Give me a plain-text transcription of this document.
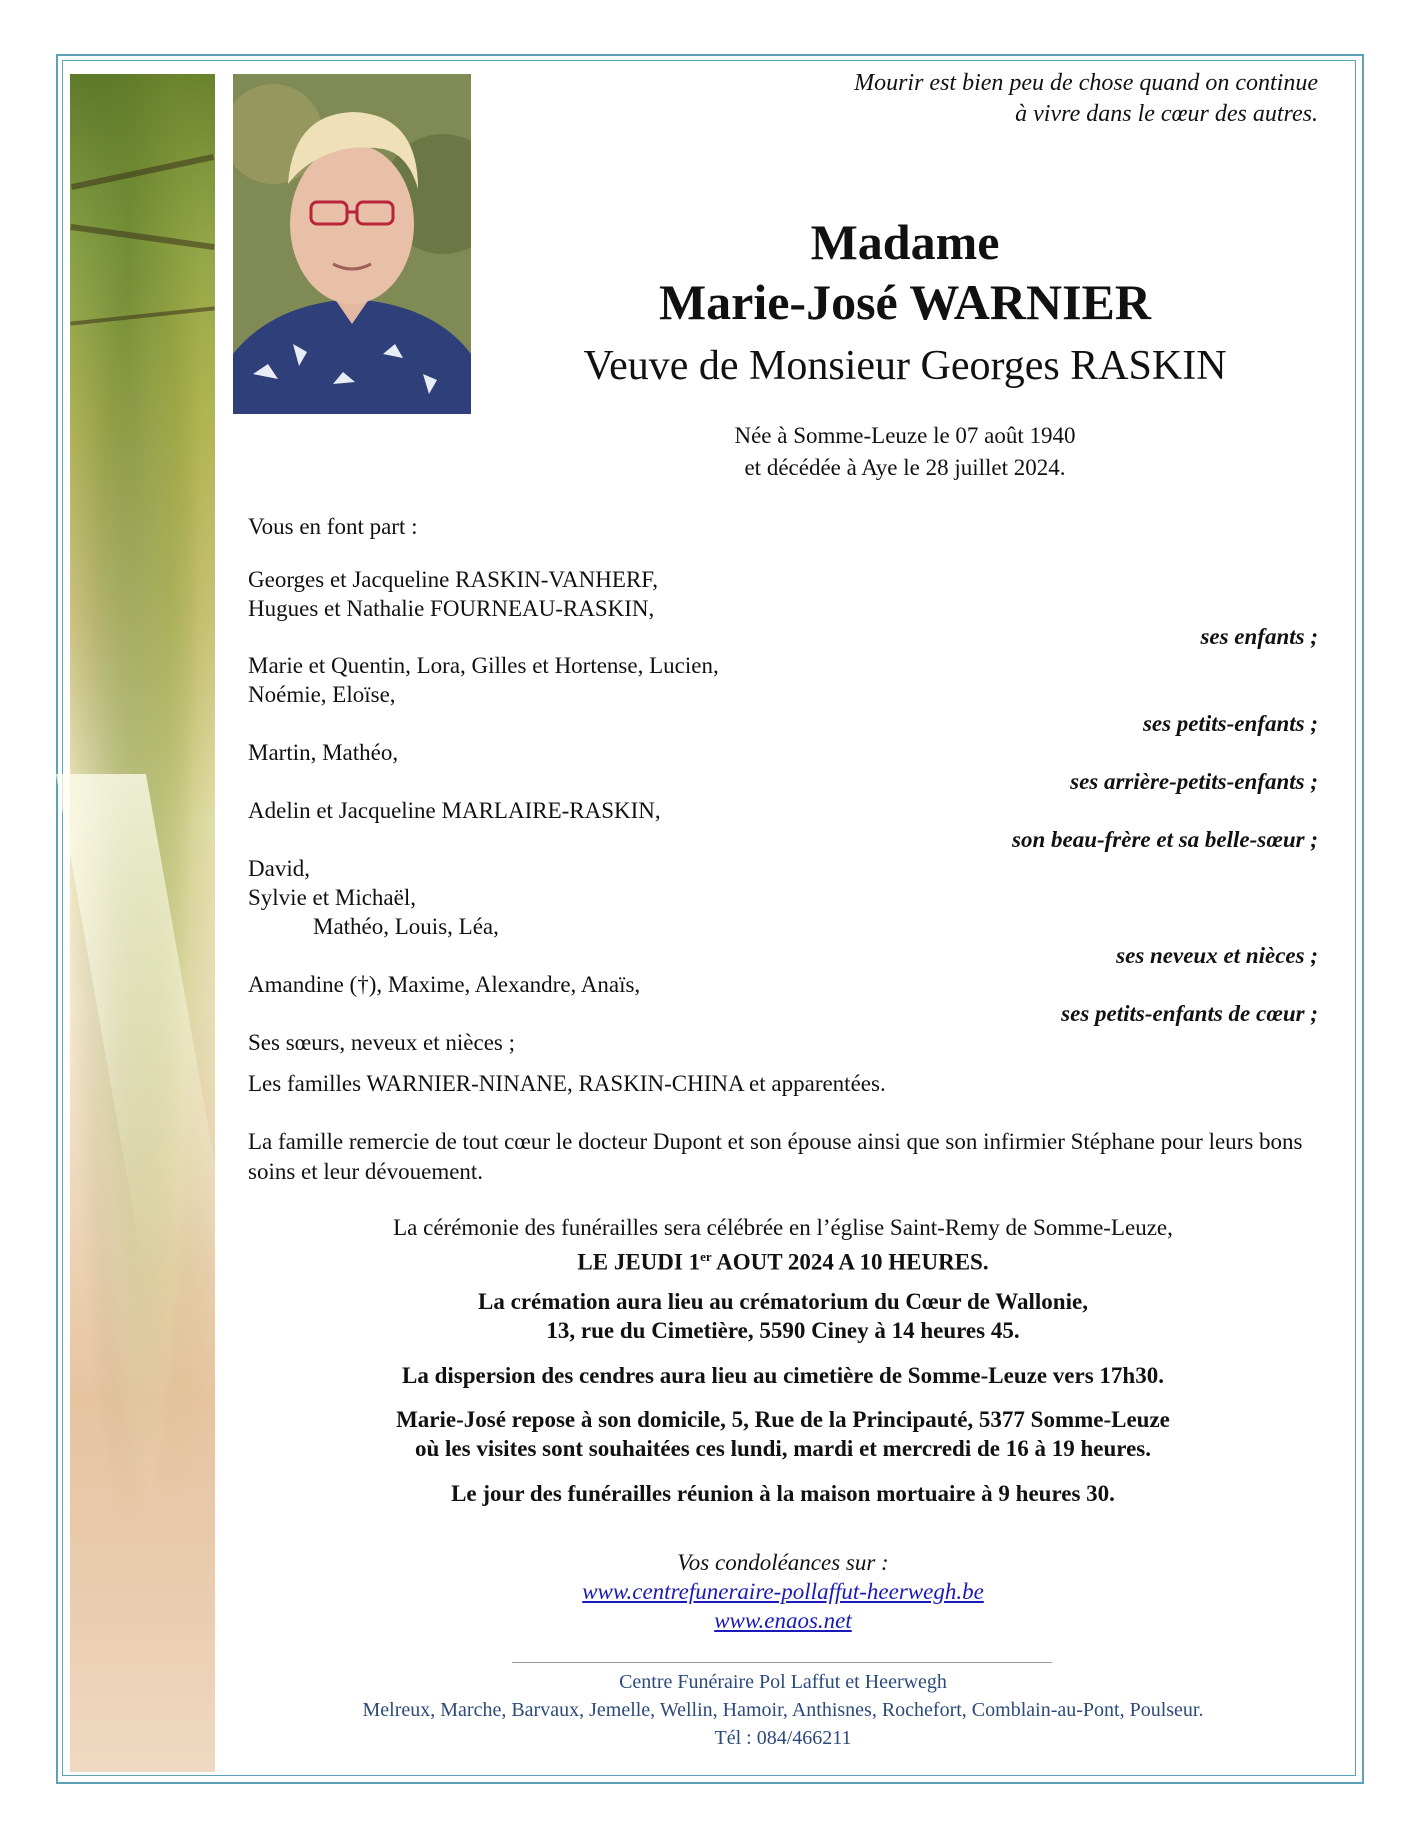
Mourir est bien peu de chose quand on continue
à vivre dans le cœur des autres.
Madame
Marie-José WARNIER
Veuve de Monsieur Georges RASKIN
Née à Somme-Leuze le 07 août 1940
et décédée à Aye le 28 juillet 2024.
Vous en font part :
Georges et Jacqueline RASKIN-VANHERF,
Hugues et Nathalie FOURNEAU-RASKIN,
ses enfants ;
Marie et Quentin, Lora, Gilles et Hortense, Lucien,
Noémie, Eloïse,
ses petits-enfants ;
Martin, Mathéo,
ses arrière-petits-enfants ;
Adelin et Jacqueline MARLAIRE-RASKIN,
son beau-frère et sa belle-sœur ;
David,
Sylvie et Michaël,
Mathéo, Louis, Léa,
ses neveux et nièces ;
Amandine (†), Maxime, Alexandre, Anaïs,
ses petits-enfants de cœur ;
Ses sœurs, neveux et nièces ;
Les familles WARNIER-NINANE, RASKIN-CHINA et apparentées.
La famille remercie de tout cœur le docteur Dupont et son épouse ainsi que son infirmier Stéphane pour leurs bons soins et leur dévouement.
La cérémonie des funérailles sera célébrée en l’église Saint-Remy de Somme-Leuze,
LE JEUDI 1er AOUT 2024 A 10 HEURES.
La crémation aura lieu au crématorium du Cœur de Wallonie,
13, rue du Cimetière, 5590 Ciney à 14 heures 45.
La dispersion des cendres aura lieu au cimetière de Somme-Leuze vers 17h30.
Marie-José repose à son domicile, 5, Rue de la Principauté, 5377 Somme-Leuze
où les visites sont souhaitées ces lundi, mardi et mercredi de 16 à 19 heures.
Le jour des funérailles réunion à la maison mortuaire à 9 heures 30.
Vos condoléances sur :
www.centrefuneraire-pollaffut-heerwegh.be
www.enaos.net
Centre Funéraire Pol Laffut et Heerwegh
Melreux, Marche, Barvaux, Jemelle, Wellin, Hamoir, Anthisnes, Rochefort, Comblain-au-Pont, Poulseur.
Tél : 084/466211
